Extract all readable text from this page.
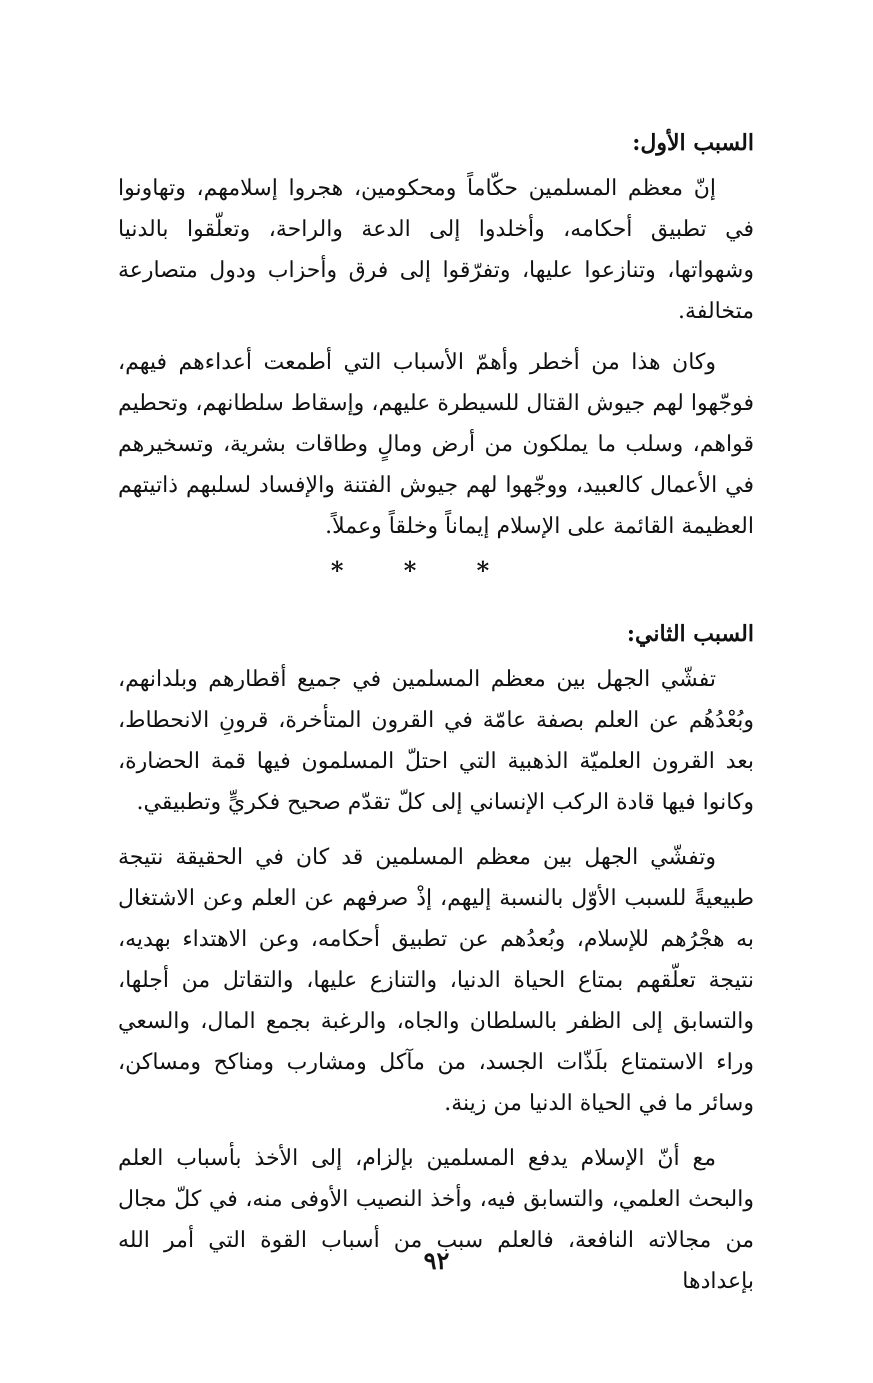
السبب الأول:

إنّ معظم المسلمين حكّاماً ومحكومين، هجروا إسلامهم، وتهاونوا في تطبيق أحكامه، وأخلدوا إلى الدعة والراحة، وتعلّقوا بالدنيا وشهواتها، وتنازعوا عليها، وتفرّقوا إلى فرق وأحزاب ودول متصارعة متخالفة.

وكان هذا من أخطر وأهمّ الأسباب التي أطمعت أعداءهم فيهم، فوجّهوا لهم جيوش القتال للسيطرة عليهم، وإسقاط سلطانهم، وتحطيم قواهم، وسلب ما يملكون من أرض ومالٍ وطاقات بشرية، وتسخيرهم في الأعمال كالعبيد، ووجّهوا لهم جيوش الفتنة والإفساد لسلبهم ذاتيتهم العظيمة القائمة على الإسلام إيماناً وخلقاً وعملاً.

* * *
السبب الثاني:

تفشّي الجهل بين معظم المسلمين في جميع أقطارهم وبلدانهم، وبُعْدُهُم عن العلم بصفة عامّة في القرون المتأخرة، قرونِ الانحطاط، بعد القرون العلميّة الذهبية التي احتلّ المسلمون فيها قمة الحضارة، وكانوا فيها قادة الركب الإنساني إلى كلّ تقدّم صحيح فكريٍّ وتطبيقي.

وتفشّي الجهل بين معظم المسلمين قد كان في الحقيقة نتيجة طبيعيةً للسبب الأوّل بالنسبة إليهم، إذْ صرفهم عن العلم وعن الاشتغال به هجْرُهم للإسلام، وبُعدُهم عن تطبيق أحكامه، وعن الاهتداء بهديه، نتيجة تعلّقهم بمتاع الحياة الدنيا، والتنازع عليها، والتقاتل من أجلها، والتسابق إلى الظفر بالسلطان والجاه، والرغبة بجمع المال، والسعي وراء الاستمتاع بلَذّات الجسد، من مآكل ومشارب ومناكح ومساكن، وسائر ما في الحياة الدنيا من زينة.

مع أنّ الإسلام يدفع المسلمين بإلزام، إلى الأخذ بأسباب العلم والبحث العلمي، والتسابق فيه، وأخذ النصيب الأوفى منه، في كلّ مجال من مجالاته النافعة، فالعلم سبب من أسباب القوة التي أمر الله بإعدادها

٩٢
